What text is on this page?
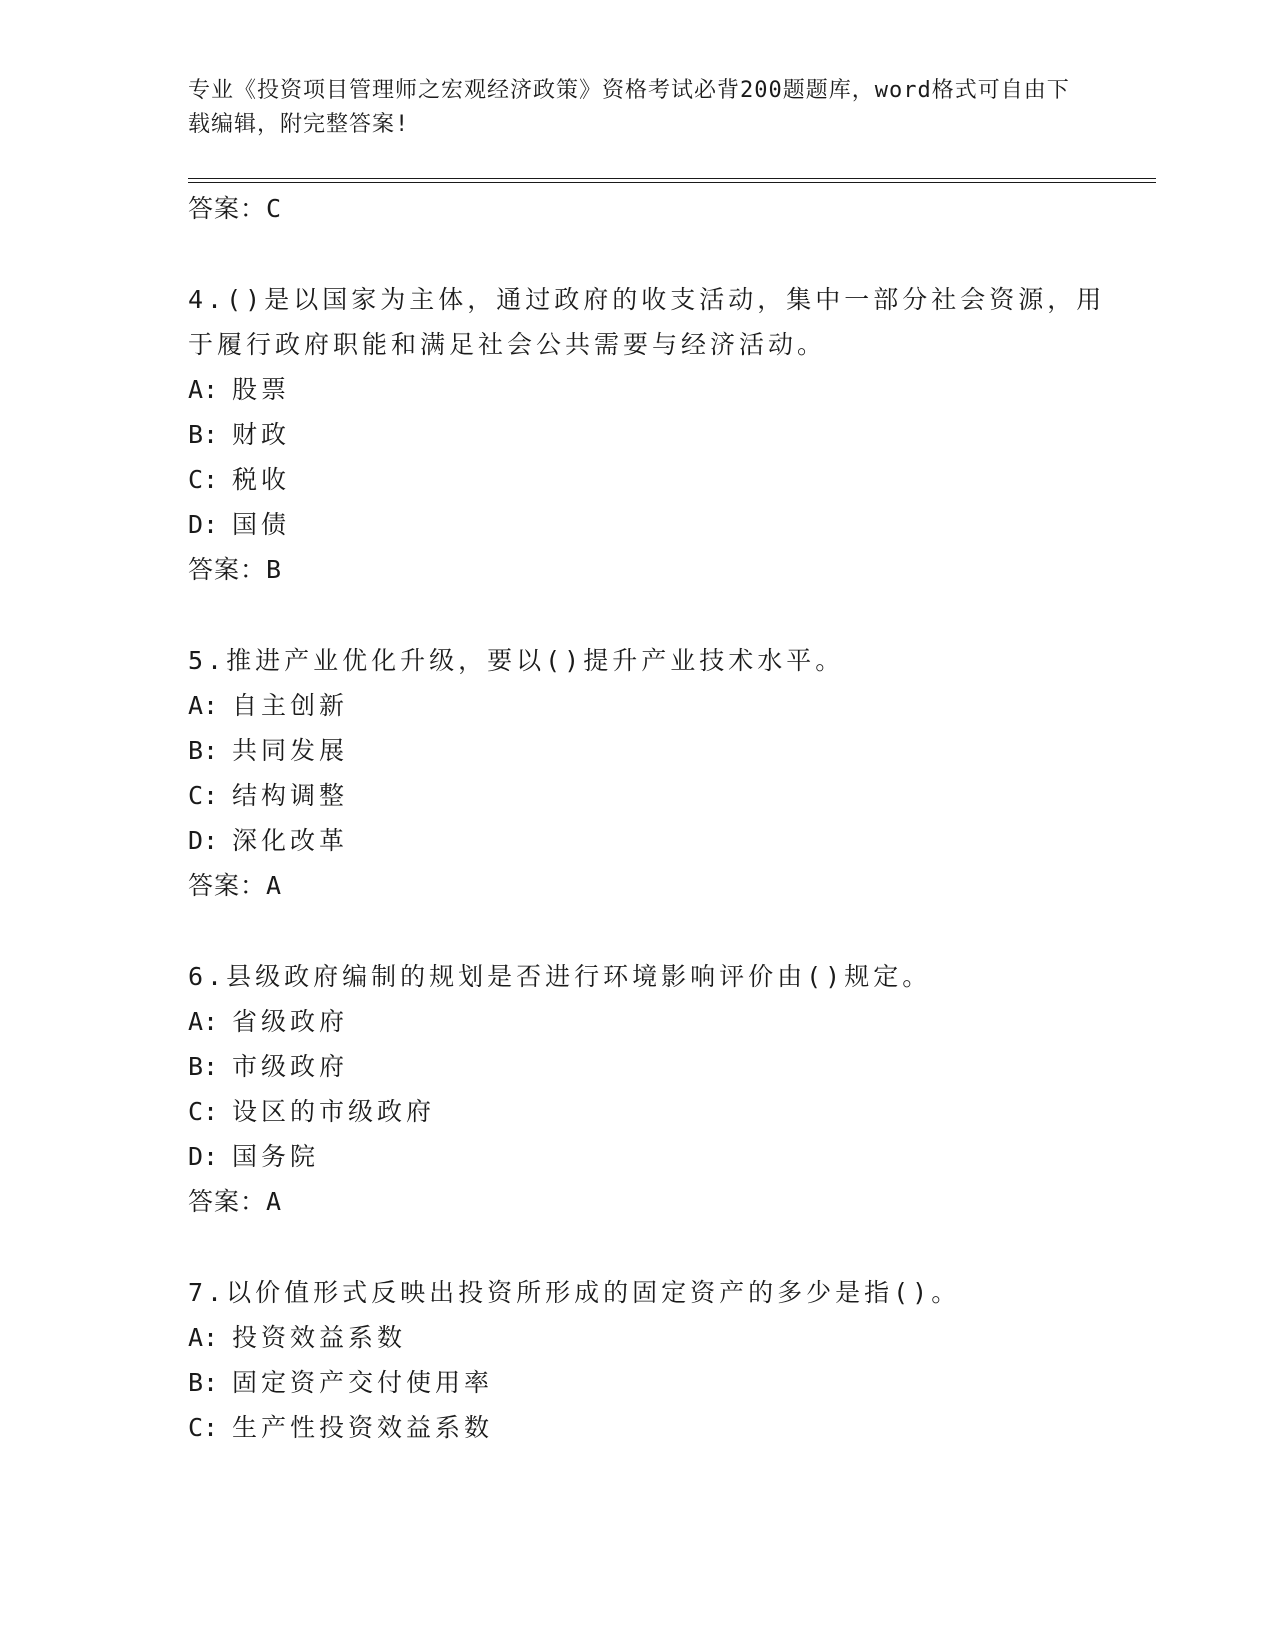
专业《投资项目管理师之宏观经济政策》资格考试必背200题题库，word格式可自由下载编辑，附完整答案!
答案：C
4.()是以国家为主体，通过政府的收支活动，集中一部分社会资源，用于履行政府职能和满足社会公共需要与经济活动。
A: 股票
B: 财政
C: 税收
D: 国债
答案：B
5.推进产业优化升级，要以()提升产业技术水平。
A: 自主创新
B: 共同发展
C: 结构调整
D: 深化改革
答案：A
6.县级政府编制的规划是否进行环境影响评价由()规定。
A: 省级政府
B: 市级政府
C: 设区的市级政府
D: 国务院
答案：A
7.以价值形式反映出投资所形成的固定资产的多少是指()。
A: 投资效益系数
B: 固定资产交付使用率
C: 生产性投资效益系数
